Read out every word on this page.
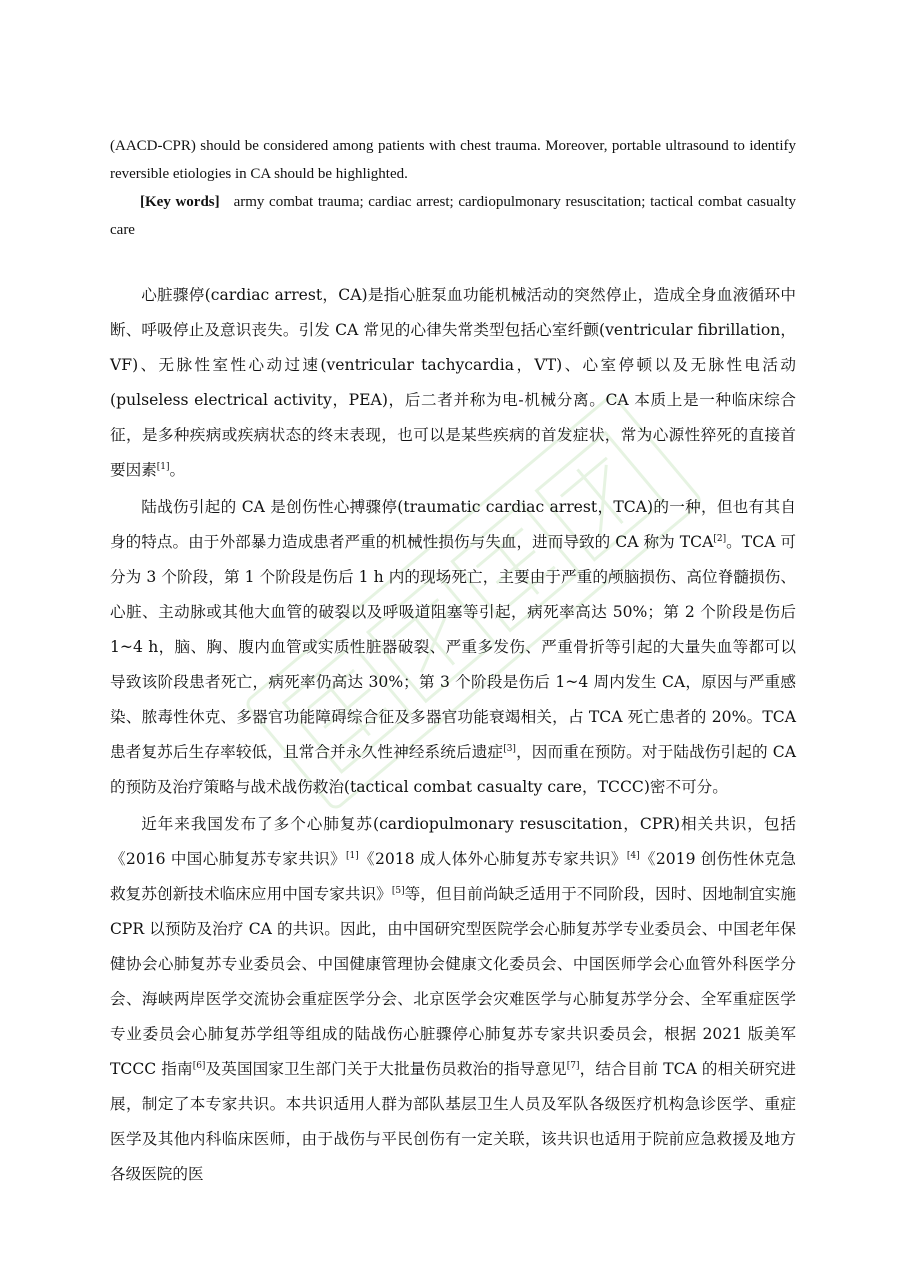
(AACD-CPR) should be considered among patients with chest trauma. Moreover, portable ultrasound to identify reversible etiologies in CA should be highlighted.

[Key words] army combat trauma; cardiac arrest; cardiopulmonary resuscitation; tactical combat casualty care

心脏骤停(cardiac arrest，CA)是指心脏泵血功能机械活动的突然停止，造成全身血液循环中断、呼吸停止及意识丧失。引发 CA 常见的心律失常类型包括心室纤颤(ventricular fibrillation，VF)、无脉性室性心动过速(ventricular tachycardia，VT)、心室停顿以及无脉性电活动(pulseless electrical activity，PEA)，后二者并称为电-机械分离。CA 本质上是一种临床综合征，是多种疾病或疾病状态的终末表现，也可以是某些疾病的首发症状，常为心源性猝死的直接首要因素[1]。

陆战伤引起的 CA 是创伤性心搏骤停(traumatic cardiac arrest，TCA)的一种，但也有其自身的特点。由于外部暴力造成患者严重的机械性损伤与失血，进而导致的 CA 称为 TCA[2]。TCA 可分为 3 个阶段，第 1 个阶段是伤后 1 h 内的现场死亡，主要由于严重的颅脑损伤、高位脊髓损伤、心脏、主动脉或其他大血管的破裂以及呼吸道阻塞等引起，病死率高达 50%；第 2 个阶段是伤后 1~4 h，脑、胸、腹内血管或实质性脏器破裂、严重多发伤、严重骨折等引起的大量失血等都可以导致该阶段患者死亡，病死率仍高达 30%；第 3 个阶段是伤后 1~4 周内发生 CA，原因与严重感染、脓毒性休克、多器官功能障碍综合征及多器官功能衰竭相关，占 TCA 死亡患者的 20%。TCA 患者复苏后生存率较低，且常合并永久性神经系统后遗症[3]，因而重在预防。对于陆战伤引起的 CA 的预防及治疗策略与战术战伤救治(tactical combat casualty care，TCCC)密不可分。

近年来我国发布了多个心肺复苏(cardiopulmonary resuscitation，CPR)相关共识，包括《2016 中国心肺复苏专家共识》[1]《2018 成人体外心肺复苏专家共识》[4]《2019 创伤性休克急救复苏创新技术临床应用中国专家共识》[5]等，但目前尚缺乏适用于不同阶段，因时、因地制宜实施 CPR 以预防及治疗 CA 的共识。因此，由中国研究型医院学会心肺复苏学专业委员会、中国老年保健协会心肺复苏专业委员会、中国健康管理协会健康文化委员会、中国医师学会心血管外科医学分会、海峡两岸医学交流协会重症医学分会、北京医学会灾难医学与心肺复苏学分会、全军重症医学专业委员会心肺复苏学组等组成的陆战伤心脏骤停心肺复苏专家共识委员会，根据 2021 版美军 TCCC 指南[6]及英国国家卫生部门关于大批量伤员救治的指导意见[7]，结合目前 TCA 的相关研究进展，制定了本专家共识。本共识适用人群为部队基层卫生人员及军队各级医疗机构急诊医学、重症医学及其他内科临床医师，由于战伤与平民创伤有一定关联，该共识也适用于院前应急救援及地方各级医院的医
